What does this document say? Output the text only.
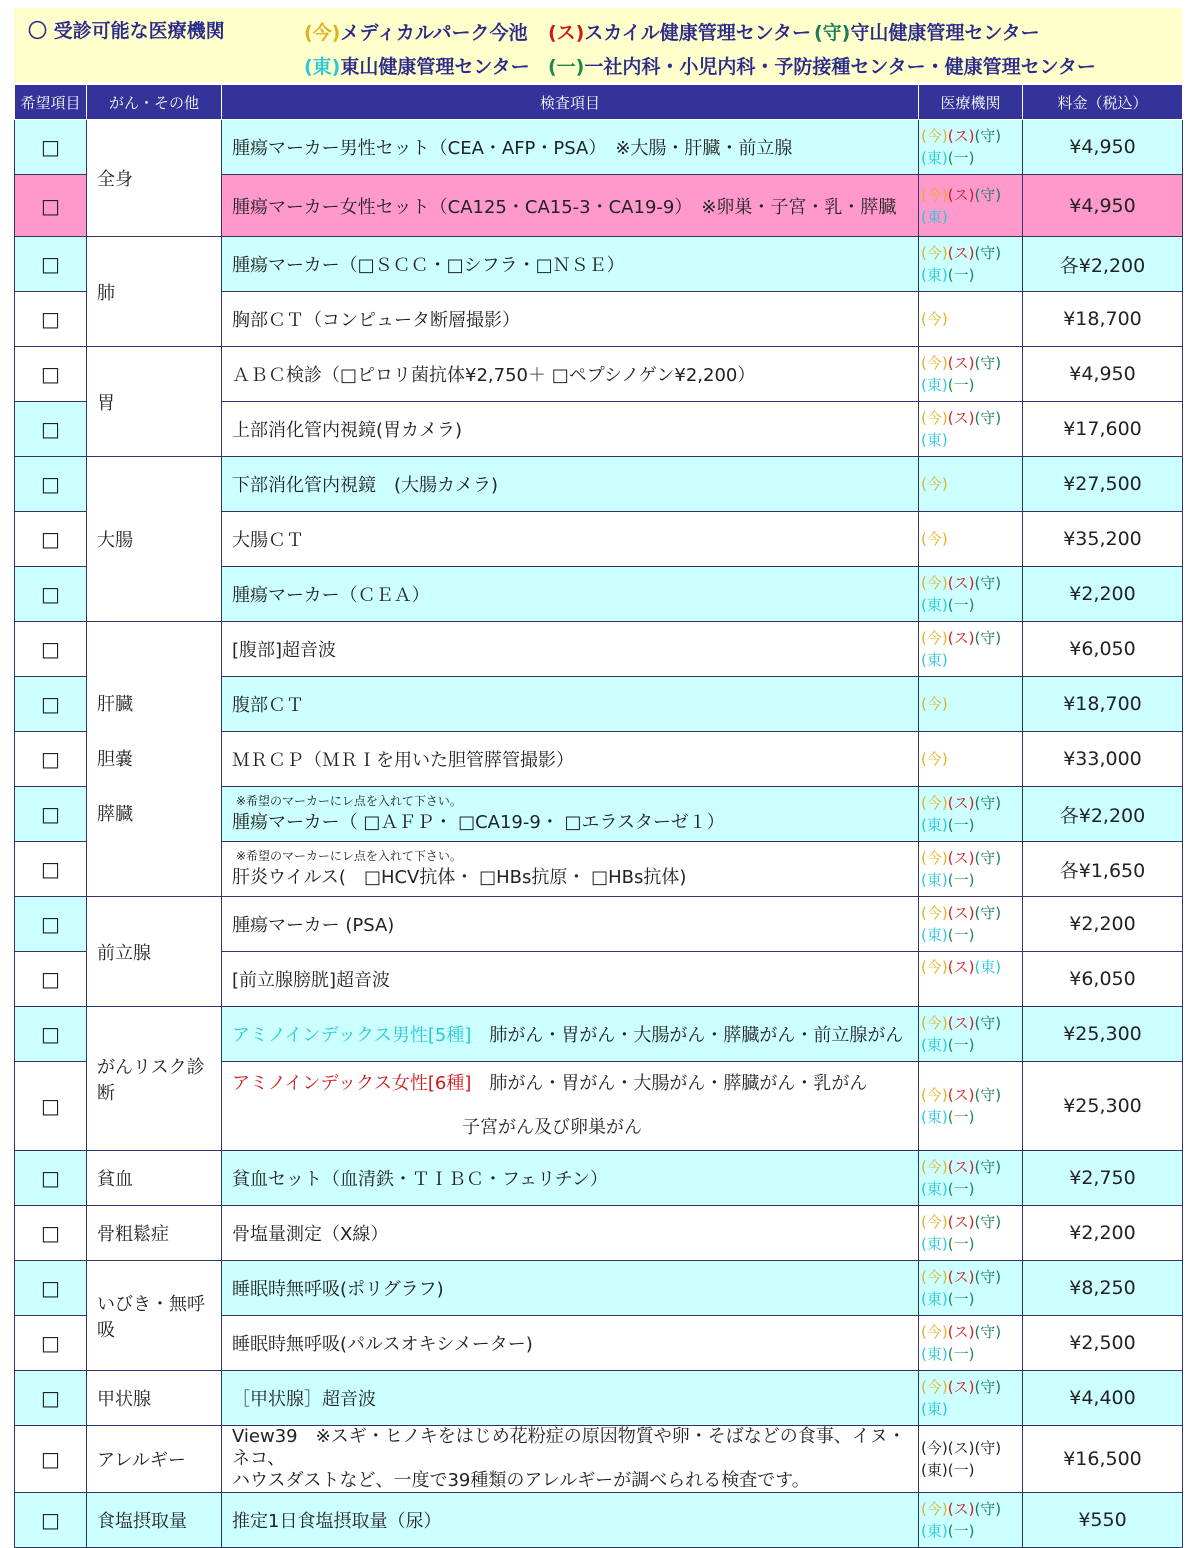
〇 受診可能な医療機関	(今)メディカルパーク今池 (ス)スカイル健康管理センター (守)守山健康管理センター
(東)東山健康管理センター (一)一社内科・小児内科・予防接種センター・健康管理センター
希望項目	がん・その他	検査項目	医療機関	料金（税込）
□	全身	腫瘍マーカー男性セット（CEA・AFP・PSA）　※大腸・肝臓・前立腺	(今)(ス)(守)
(東)(一)	¥4,950
□		腫瘍マーカー女性セット（CA125・CA15-3・CA19-9）　※卵巣・子宮・乳・膵臓	(今)(ス)(守)
(東)	¥4,950
□	肺	腫瘍マーカー（□ＳＣＣ・□シフラ・□ＮＳＥ）	(今)(ス)(守)
(東)(一)	各¥2,200
□		胸部ＣＴ（コンピュータ断層撮影）	(今)	¥18,700
□	胃	ＡＢＣ検診（□ピロリ菌抗体¥2,750＋ □ペプシノゲン¥2,200）	(今)(ス)(守)
(東)(一)	¥4,950
□		上部消化管内視鏡(胃カメラ)	(今)(ス)(守)
(東)	¥17,600
□	大腸	下部消化管内視鏡　(大腸カメラ)	(今)	¥27,500
□		大腸ＣＴ	(今)	¥35,200
□		腫瘍マーカー（ＣＥＡ）	(今)(ス)(守)
(東)(一)	¥2,200
□	肝臓
胆嚢
膵臓	[腹部]超音波	(今)(ス)(守)
(東)	¥6,050
□		腹部ＣＴ	(今)	¥18,700
□		ＭＲＣＰ（ＭＲＩを用いた胆管膵管撮影）	(今)	¥33,000
□		※希望のマーカーにレ点を入れて下さい。
腫瘍マーカー（ □ＡＦＰ・ □CA19-9・ □エラスターゼ１）	(今)(ス)(守)
(東)(一)	各¥2,200
□		※希望のマーカーにレ点を入れて下さい。
肝炎ウイルス(　□HCV抗体・ □HBs抗原・ □HBs抗体)	(今)(ス)(守)
(東)(一)	各¥1,650
□	前立腺	腫瘍マーカー (PSA)	(今)(ス)(守)
(東)(一)	¥2,200
□		[前立腺膀胱]超音波	(今)(ス)(東)	¥6,050
□	がんリスク診断	アミノインデックス男性[5種]　 肺がん・胃がん・大腸がん・膵臓がん・前立腺がん	(今)(ス)(守)
(東)(一)	¥25,300
□		アミノインデックス女性[6種]　 肺がん・胃がん・大腸がん・膵臓がん・乳がん
子宮がん及び卵巣がん	(今)(ス)(守)
(東)(一)	¥25,300
□	貧血	貧血セット（血清鉄・ＴＩＢＣ・フェリチン）	(今)(ス)(守)
(東)(一)	¥2,750
□	骨粗鬆症	骨塩量測定（X線）	(今)(ス)(守)
(東)(一)	¥2,200
□	いびき・無呼吸	睡眠時無呼吸(ポリグラフ)	(今)(ス)(守)
(東)(一)	¥8,250
□		睡眠時無呼吸(パルスオキシメーター)	(今)(ス)(守)
(東)(一)	¥2,500
□	甲状腺	［甲状腺］超音波	(今)(ス)(守)
(東)	¥4,400
□	アレルギー	View39　※スギ・ヒノキをはじめ花粉症の原因物質や卵・そばなどの食事、イヌ・ネコ、
ハウスダストなど、一度で39種類のアレルギーが調べられる検査です。	(今)(ス)(守)
(東)(一)	¥16,500
□	食塩摂取量	推定1日食塩摂取量（尿）	(今)(ス)(守)
(東)(一)	¥550
